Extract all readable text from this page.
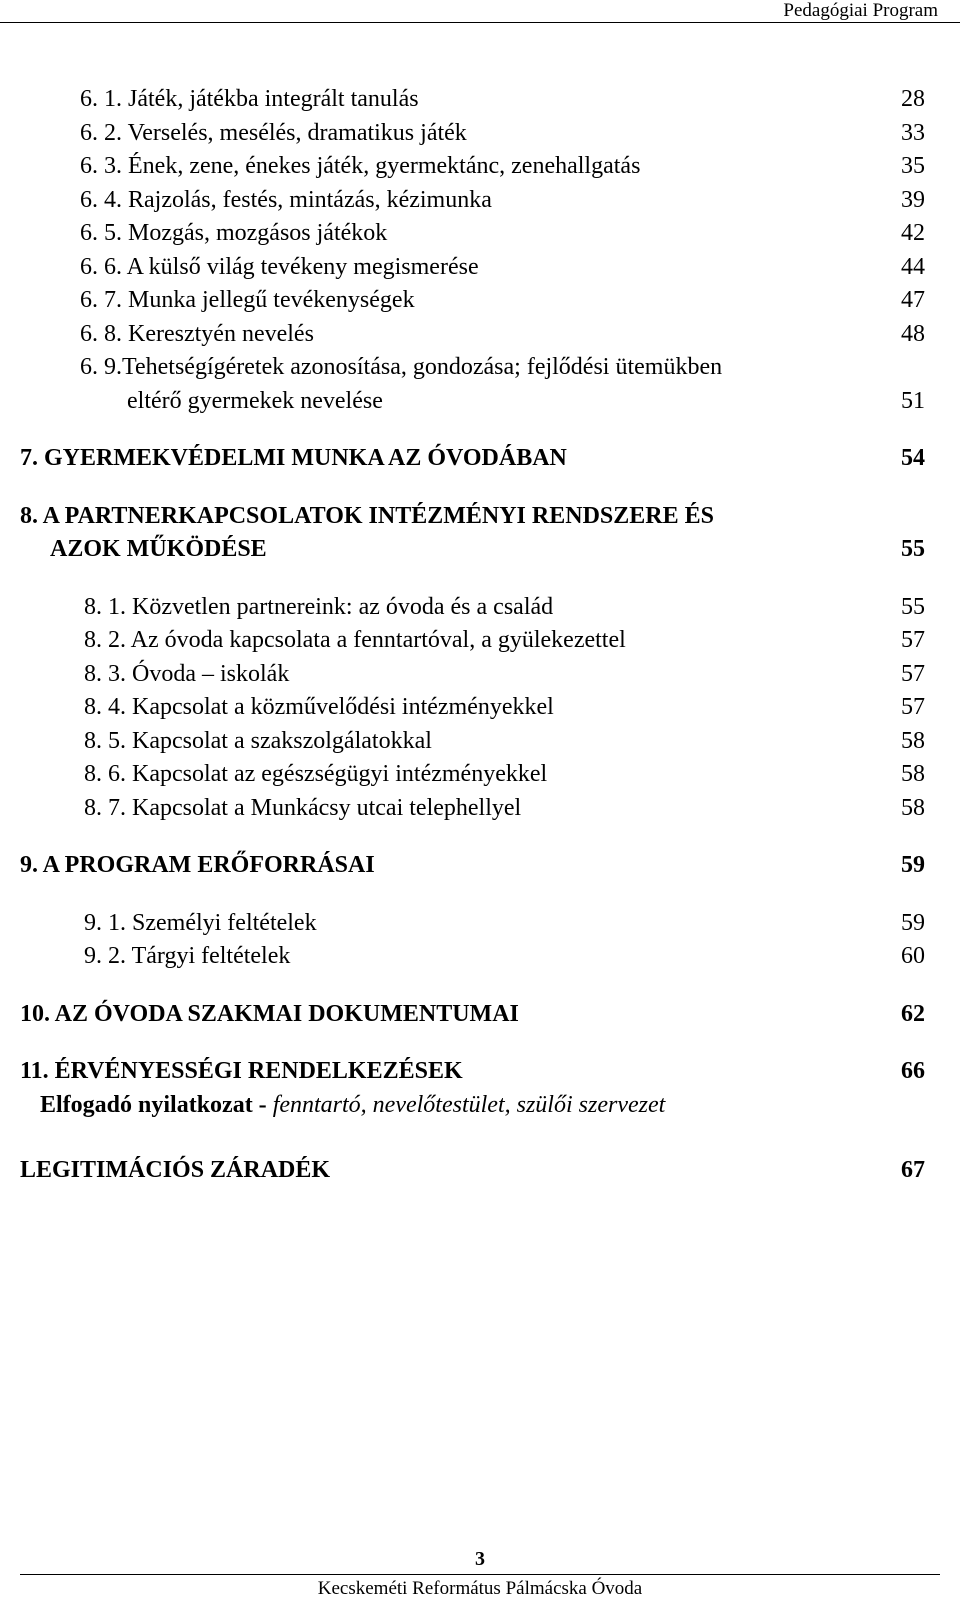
Pedagógiai Program
6. 1. Játék, játékba integrált tanulás	28
6. 2. Verselés, mesélés, dramatikus játék	33
6. 3. Ének, zene, énekes játék, gyermektánc, zenehallgatás	35
6. 4. Rajzolás, festés, mintázás, kézimunka	39
6. 5. Mozgás, mozgásos játékok	42
6. 6. A külső világ tevékeny megismerése	44
6. 7. Munka jellegű tevékenységek	47
6. 8. Keresztyén nevelés	48
6. 9.Tehetségígéretek azonosítása, gondozása; fejlődési ütemükben
eltérő gyermekek nevelése	51
7. GYERMEKVÉDELMI MUNKA AZ ÓVODÁBAN	54
8. A PARTNERKAPCSOLATOK INTÉZMÉNYI RENDSZERE ÉS
AZOK MŰKÖDÉSE	55
8. 1. Közvetlen partnereink: az óvoda és a család	55
8. 2. Az óvoda kapcsolata a fenntartóval, a gyülekezettel	57
8. 3. Óvoda – iskolák	57
8. 4. Kapcsolat a közművelődési intézményekkel	57
8. 5. Kapcsolat a szakszolgálatokkal	58
8. 6. Kapcsolat az egészségügyi intézményekkel	58
8. 7. Kapcsolat a Munkácsy utcai telephellyel	58
9. A PROGRAM ERŐFORRÁSAI	59
9. 1. Személyi feltételek	59
9. 2. Tárgyi feltételek	60
10. AZ ÓVODA SZAKMAI DOKUMENTUMAI	62
11. ÉRVÉNYESSÉGI RENDELKEZÉSEK	66
Elfogadó nyilatkozat - fenntartó, nevelőtestület, szülői szervezet
LEGITIMÁCIÓS ZÁRADÉK	67
3
Kecskeméti Református Pálmácska Óvoda
